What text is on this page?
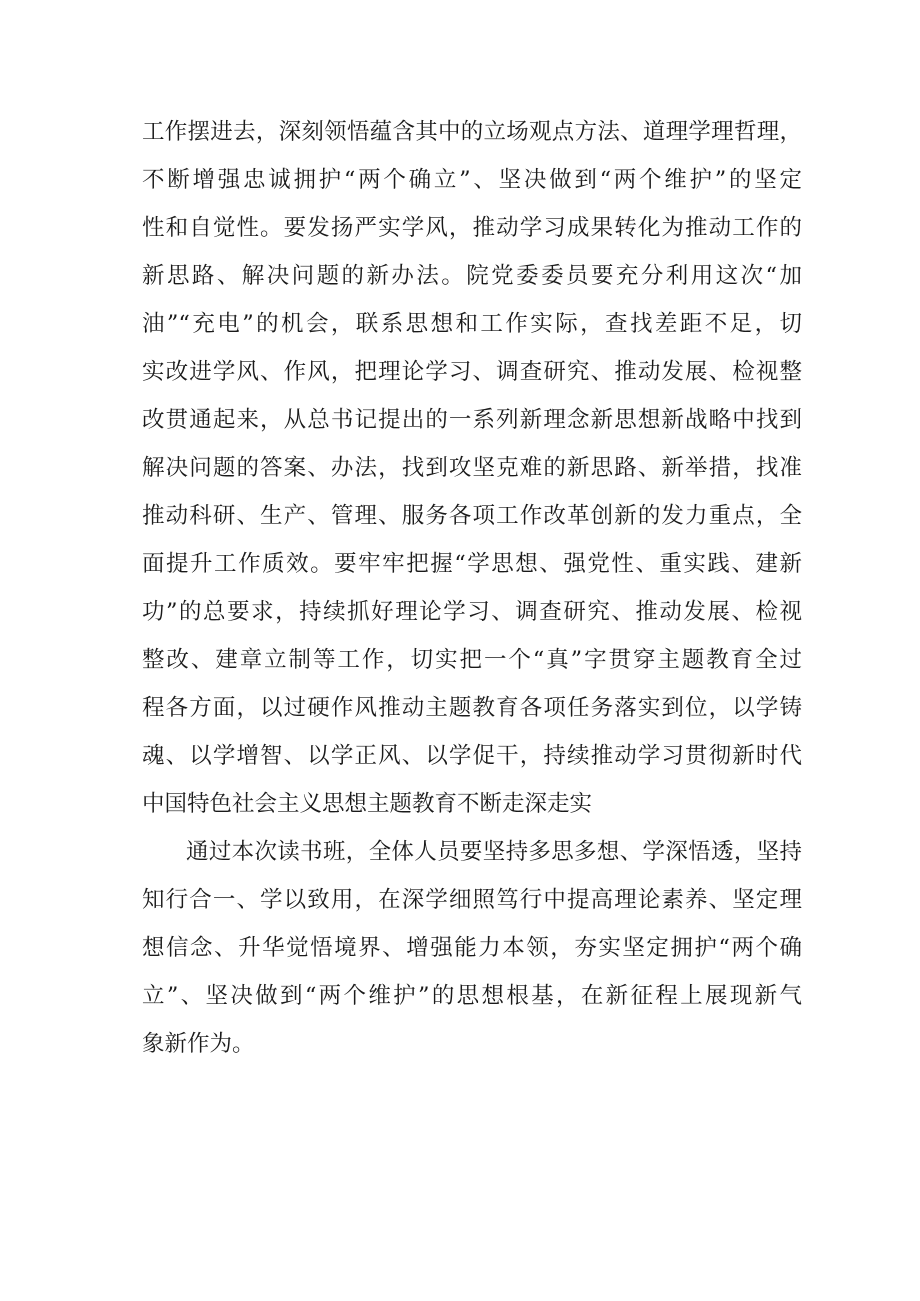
工作摆进去，深刻领悟蕴含其中的立场观点方法、道理学理哲理，
不断增强忠诚拥护“两个确立”、坚决做到“两个维护”的坚定
性和自觉性。要发扬严实学风，推动学习成果转化为推动工作的
新思路、解决问题的新办法。院党委委员要充分利用这次“加
油”“充电”的机会，联系思想和工作实际，查找差距不足，切
实改进学风、作风，把理论学习、调查研究、推动发展、检视整
改贯通起来，从总书记提出的一系列新理念新思想新战略中找到
解决问题的答案、办法，找到攻坚克难的新思路、新举措，找准
推动科研、生产、管理、服务各项工作改革创新的发力重点，全
面提升工作质效。要牢牢把握“学思想、强党性、重实践、建新
功”的总要求，持续抓好理论学习、调查研究、推动发展、检视
整改、建章立制等工作，切实把一个“真”字贯穿主题教育全过
程各方面，以过硬作风推动主题教育各项任务落实到位，以学铸
魂、以学增智、以学正风、以学促干，持续推动学习贯彻新时代
中国特色社会主义思想主题教育不断走深走实
通过本次读书班，全体人员要坚持多思多想、学深悟透，坚持
知行合一、学以致用，在深学细照笃行中提高理论素养、坚定理
想信念、升华觉悟境界、增强能力本领，夯实坚定拥护“两个确
立”、坚决做到“两个维护”的思想根基，在新征程上展现新气
象新作为。
